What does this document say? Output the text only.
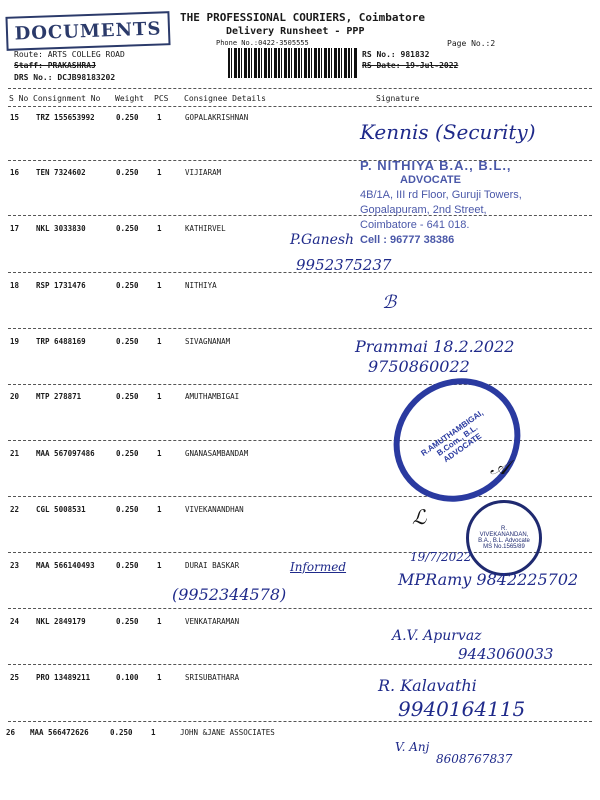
DOCUMENTS
THE PROFESSIONAL COURIERS, Coimbatore
Delivery Runsheet - PPP
Phone No.:0422-3505555	Page No.:2
Route: ARTS COLLEG ROAD
Staff: PRAKASHRAJ
DRS No.: DCJB98183202
RS No.: 981832
RS Date: 19-Jul-2022
S No Consignment No Weight PCS Consignee Details	Signature
15 TRZ 155653992	0.250 1	GOPALAKRISHNAN
16 TEN 7324602	0.250 1	VIJIARAM
17 NKL 3033830	0.250 1	KATHIRVEL
18 RSP 1731476	0.250 1	NITHIYA
19 TRP 6488169	0.250 1	SIVAGNANAM
20 MTP 278871	0.250 1	AMUTHAMBIGAI
21 MAA 567097486	0.250 1	GNANASAMBANDAM
22 CGL 5008531	0.250 1	VIVEKANANDHAN
23 MAA 566140493	0.250 1	DURAI BASKAR
24 NKL 2849179	0.250 1	VENKATARAMAN
25 PRO 13489211	0.100 1	SRISUBATHARA
26 MAA 566472626	0.250 1	JOHN &JANE ASSOCIATES
P. NITHIYA B.A., B.L.,
ADVOCATE
4B/1A, III rd Floor, Guruji Towers,
Gopalapuram, 2nd Street,
Coimbatore - 641 018.
Cell : 96777 38386
R.AMUTHAMBIGAI, B.Com., B.L. ADVOCATE
R. VIVEKANANDAN, B.A., B.L. Advocate MS No.1565/89
Kennis (Security)
P.Ganesh
9952375237
Prammai 18.2.2022
9750860022
Informed
(9952344578)
19/7/2022
MPRamy 9842225702
A.V. Apurvaz
9443060033
R. Kalavathi
9940164115
V. Anj
8608767837
ℬ
𝒜
ℒ
